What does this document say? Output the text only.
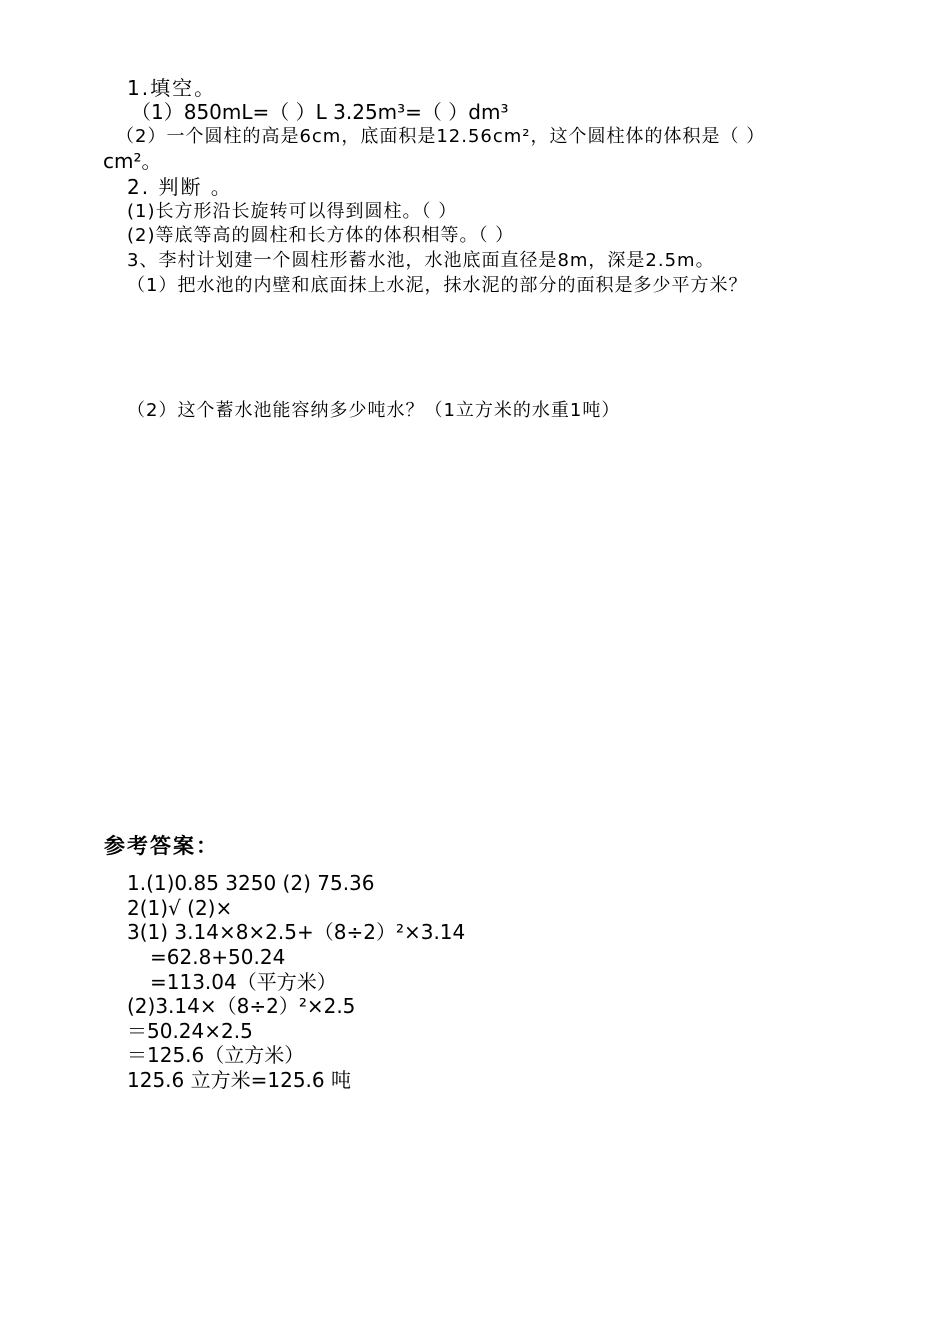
1.填空。
（1）850mL=（ ）L 3.25m³=（ ）dm³
（2）一个圆柱的高是6cm，底面积是12.56cm²，这个圆柱体的体积是（ ）
cm²。
2. 判断 。
(1)长方形沿长旋转可以得到圆柱。（ ）
(2)等底等高的圆柱和长方体的体积相等。（ ）
3、李村计划建一个圆柱形蓄水池，水池底面直径是8m，深是2.5m。
（1）把水池的内壁和底面抹上水泥，抹水泥的部分的面积是多少平方米？
（2）这个蓄水池能容纳多少吨水？（1立方米的水重1吨）
参考答案：
1.(1)0.85 3250 (2) 75.36
2(1)√ (2)×
3(1) 3.14×8×2.5+（8÷2）²×3.14
=62.8+50.24
=113.04（平方米）
(2)3.14×（8÷2）²×2.5
＝50.24×2.5
＝125.6（立方米）
125.6 立方米=125.6 吨
